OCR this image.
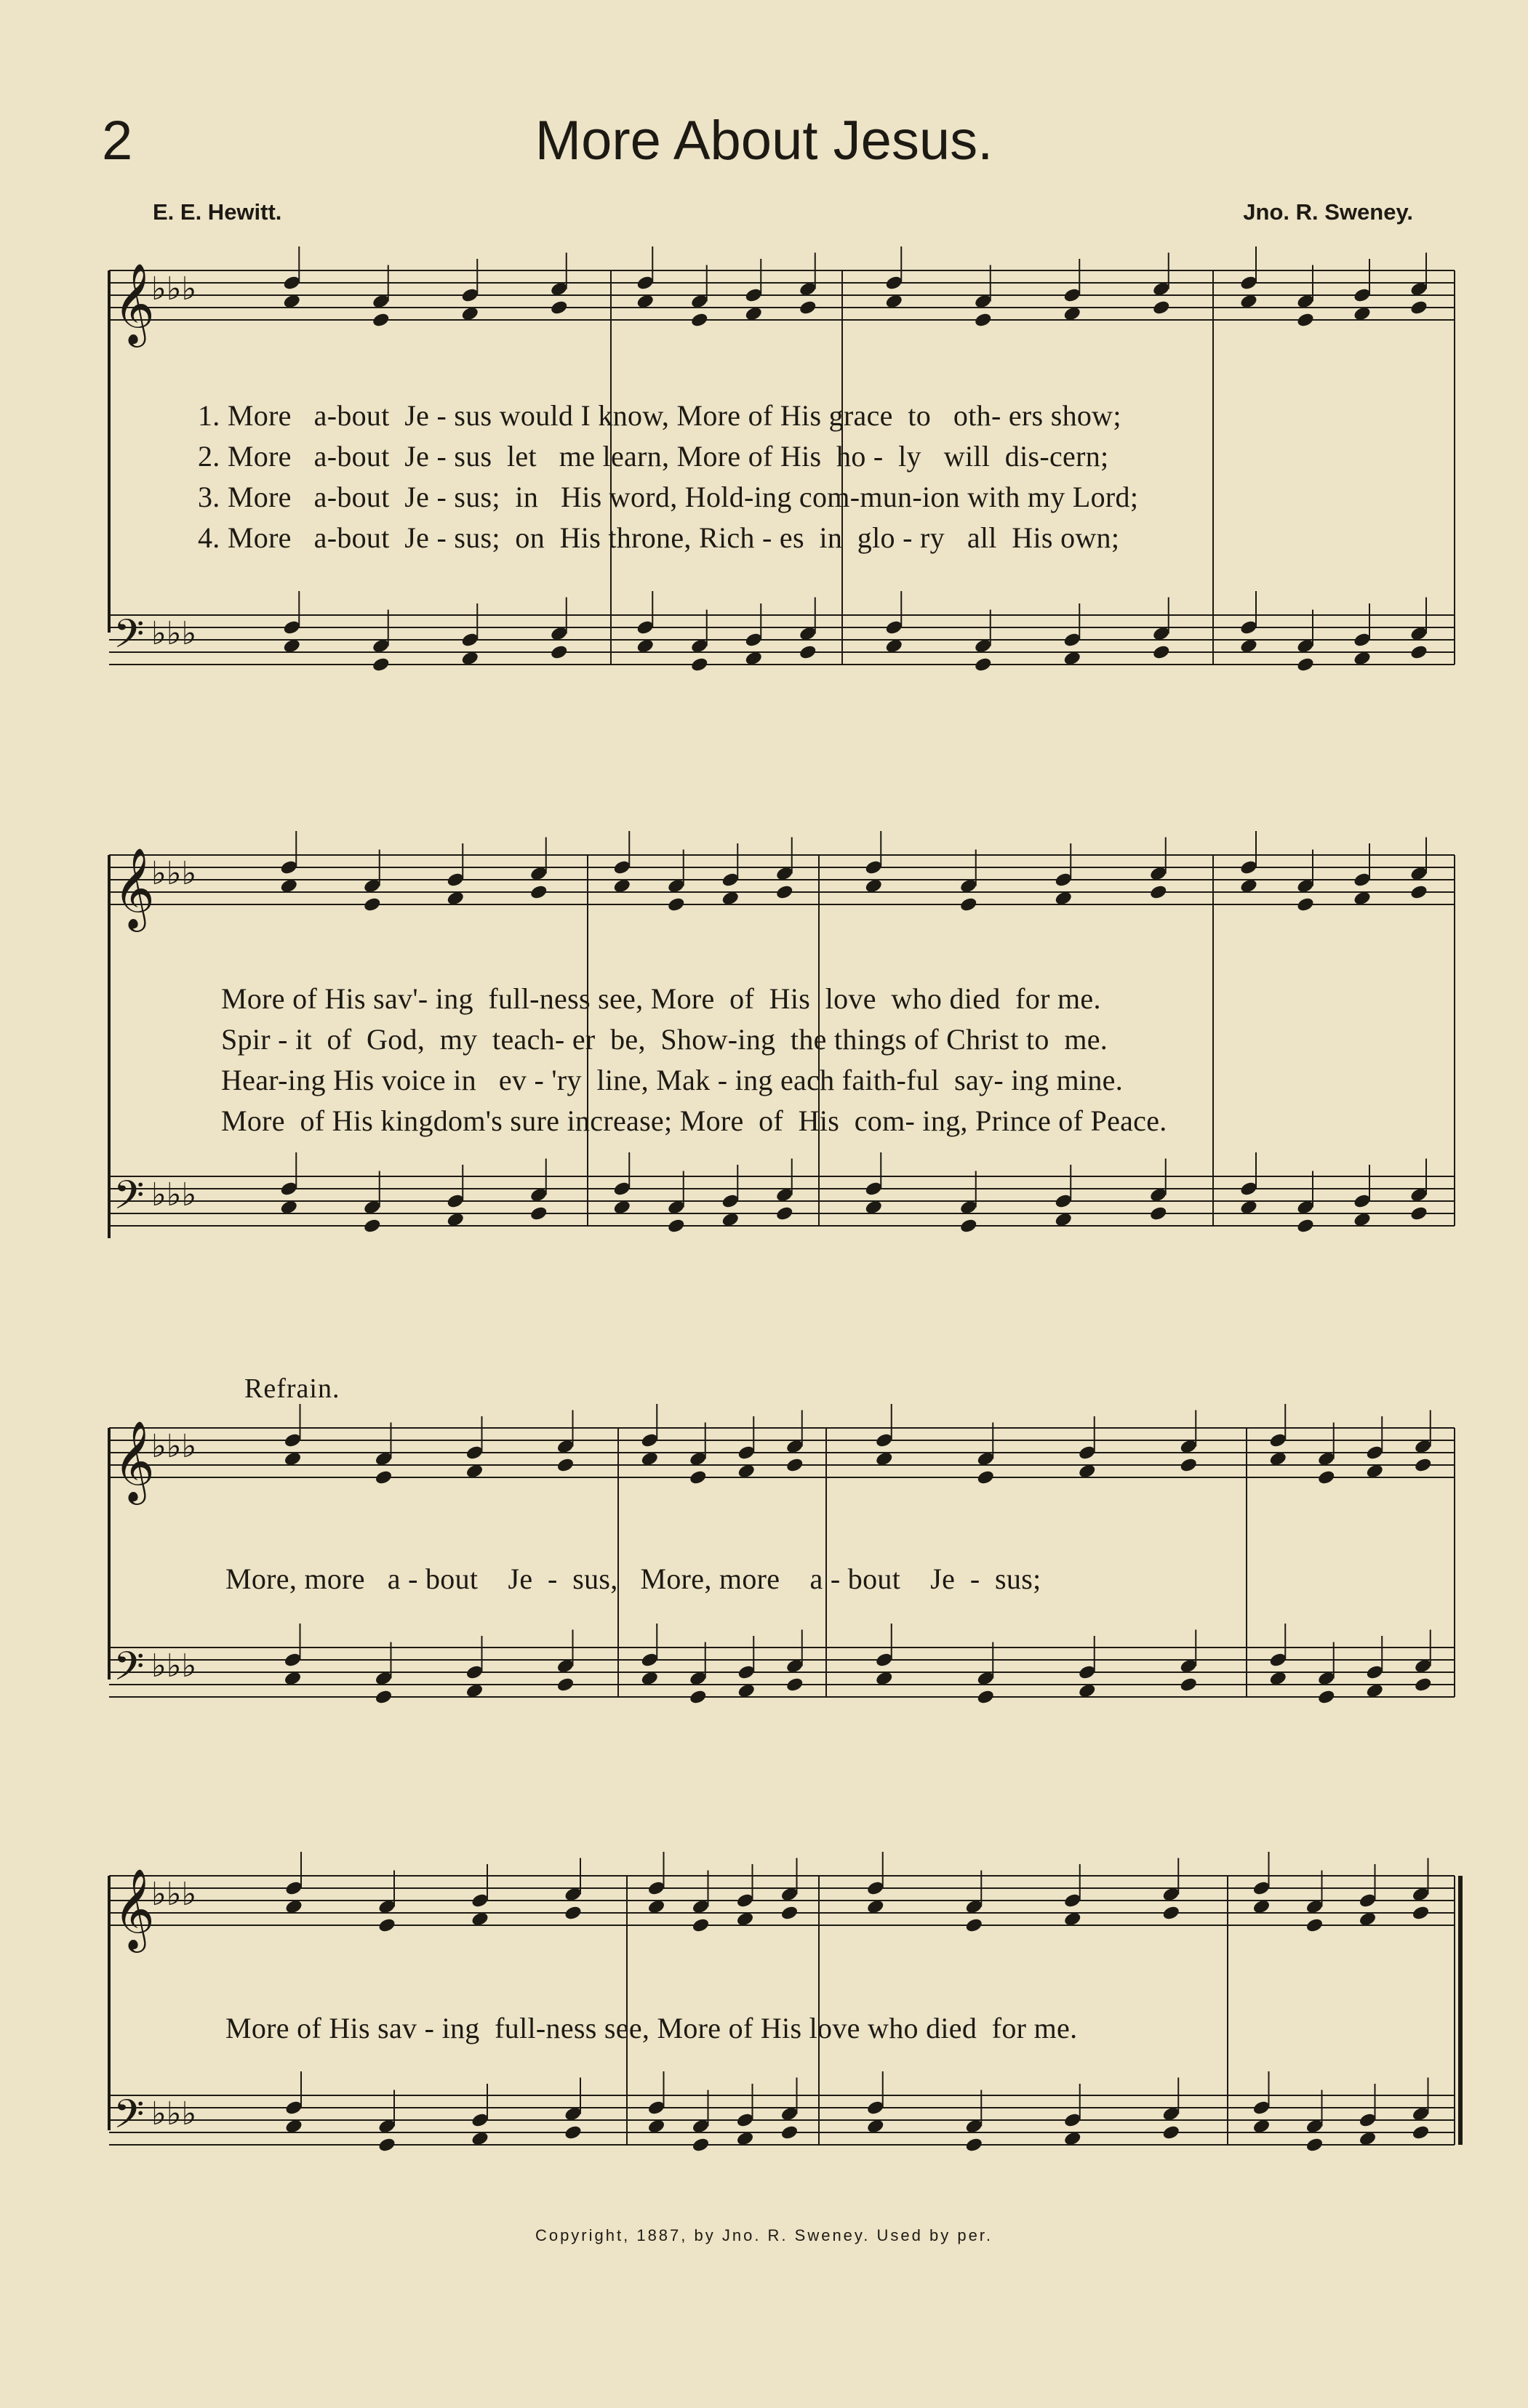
2	More About Jesus.
E. E. Hewitt.	Jno. R. Sweney.
𝄞
♭♭♭
𝄢 ♭♭♭
𝄞
♭♭♭
𝄢 ♭♭♭
𝄞
♭♭♭
𝄢 ♭♭♭
𝄞
♭♭♭
𝄢 ♭♭♭
1. More   a-bout  Je - sus would I know, More of His grace  to   oth- ers show;
2. More   a-bout  Je - sus  let   me learn, More of His  ho -  ly   will  dis-cern;
3. More   a-bout  Je - sus;  in   His word, Hold-ing com-mun-ion with my Lord;
4. More   a-bout  Je - sus;  on  His throne, Rich - es  in  glo - ry   all  His own;
More of His sav'- ing  full-ness see, More  of  His  love  who died  for me.
Spir - it  of  God,  my  teach- er  be,  Show-ing  the things of Christ to  me.
Hear-ing His voice in   ev - 'ry  line, Mak - ing each faith-ful  say- ing mine.
More  of His kingdom's sure increase; More  of  His  com- ing, Prince of Peace.
Refrain.
More, more   a - bout    Je  -  sus,   More, more    a - bout    Je  -  sus;
More of His sav - ing  full-ness see, More of His love who died  for me.
Copyright, 1887, by Jno. R. Sweney. Used by per.
